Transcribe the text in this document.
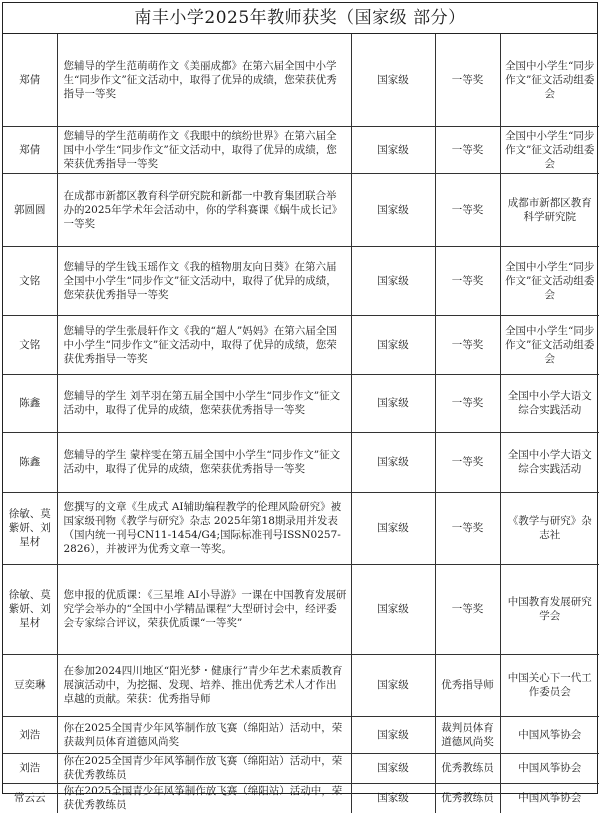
南丰小学2025年教师获奖（国家级 部分）
郑倩	您辅导的学生范萌萌作文《美丽成都》在第六届全国中小学生“同步作文”征文活动中，取得了优异的成绩，您荣获优秀指导一等奖	国家级	一等奖	全国中小学生“同步作文”征文活动组委会
郑倩	您辅导的学生范萌萌作文《我眼中的缤纷世界》在第六届全国中小学生“同步作文”征文活动中，取得了优异的成绩，您荣获优秀指导一等奖	国家级	一等奖	全国中小学生“同步作文”征文活动组委会
郭圆圆	在成都市新都区教育科学研究院和新都一中教育集团联合举办的2025年学术年会活动中，你的学科赛课《蜗牛成长记》一等奖	国家级	一等奖	成都市新都区教育科学研究院
文铭	您辅导的学生钱玉瑶作文《我的植物朋友向日葵》在第六届全国中小学生“同步作文”征文活动中，取得了优异的成绩，您荣获优秀指导一等奖	国家级	一等奖	全国中小学生“同步作文”征文活动组委会
文铭	您辅导的学生张晨轩作文《我的“超人”妈妈》在第六届全国中小学生“同步作文”征文活动中，取得了优异的成绩，您荣获优秀指导一等奖	国家级	一等奖	全国中小学生“同步作文”征文活动组委会
陈鑫	您辅导的学生 刘芊羽在第五届全国中小学生“同步作文”征文活动中，取得了优异的成绩，您荣获优秀指导一等奖	国家级	一等奖	全国中小学大语文综合实践活动
陈鑫	您辅导的学生 蒙梓雯在第五届全国中小学生“同步作文”征文活动中，取得了优异的成绩，您荣获优秀指导一等奖	国家级	一等奖	全国中小学大语文综合实践活动
徐敏、莫紫妍、刘星材	您撰写的文章《生成式 AI辅助编程教学的伦理风险研究》被国家级刊物《教学与研究》杂志 2025年第18期录用并发表（国内统一刊号CN11-1454/G4;国际标准刊号ISSN0257-2826），并被评为优秀文章一等奖。	国家级	一等奖	《教学与研究》杂志社
徐敏、莫紫妍、刘星材	您申报的优质课：《三星堆 AI小导游》一课在中国教育发展研究学会举办的“全国中小学精品课程”大型研讨会中，经评委会专家综合评议，荣获优质课“一等奖”	国家级	一等奖	中国教育发展研究学会
豆奕琳	在参加2024四川地区“阳光梦・健康行”青少年艺术素质教育展演活动中，为挖掘、发现、培养、推出优秀艺术人才作出卓越的贡献。荣获：优秀指导师	国家级	优秀指导师	中国关心下一代工作委员会
刘浩	你在2025全国青少年风筝制作放飞赛（绵阳站）活动中，荣获裁判员体育道德风尚奖	国家级	裁判员体育道德风尚奖	中国风筝协会
刘浩	你在2025全国青少年风筝制作放飞赛（绵阳站）活动中，荣获优秀教练员	国家级	优秀教练员	中国风筝协会
常云云	你在2025全国青少年风筝制作放飞赛（绵阳站）活动中，荣获优秀教练员	国家级	优秀教练员	中国风筝协会
